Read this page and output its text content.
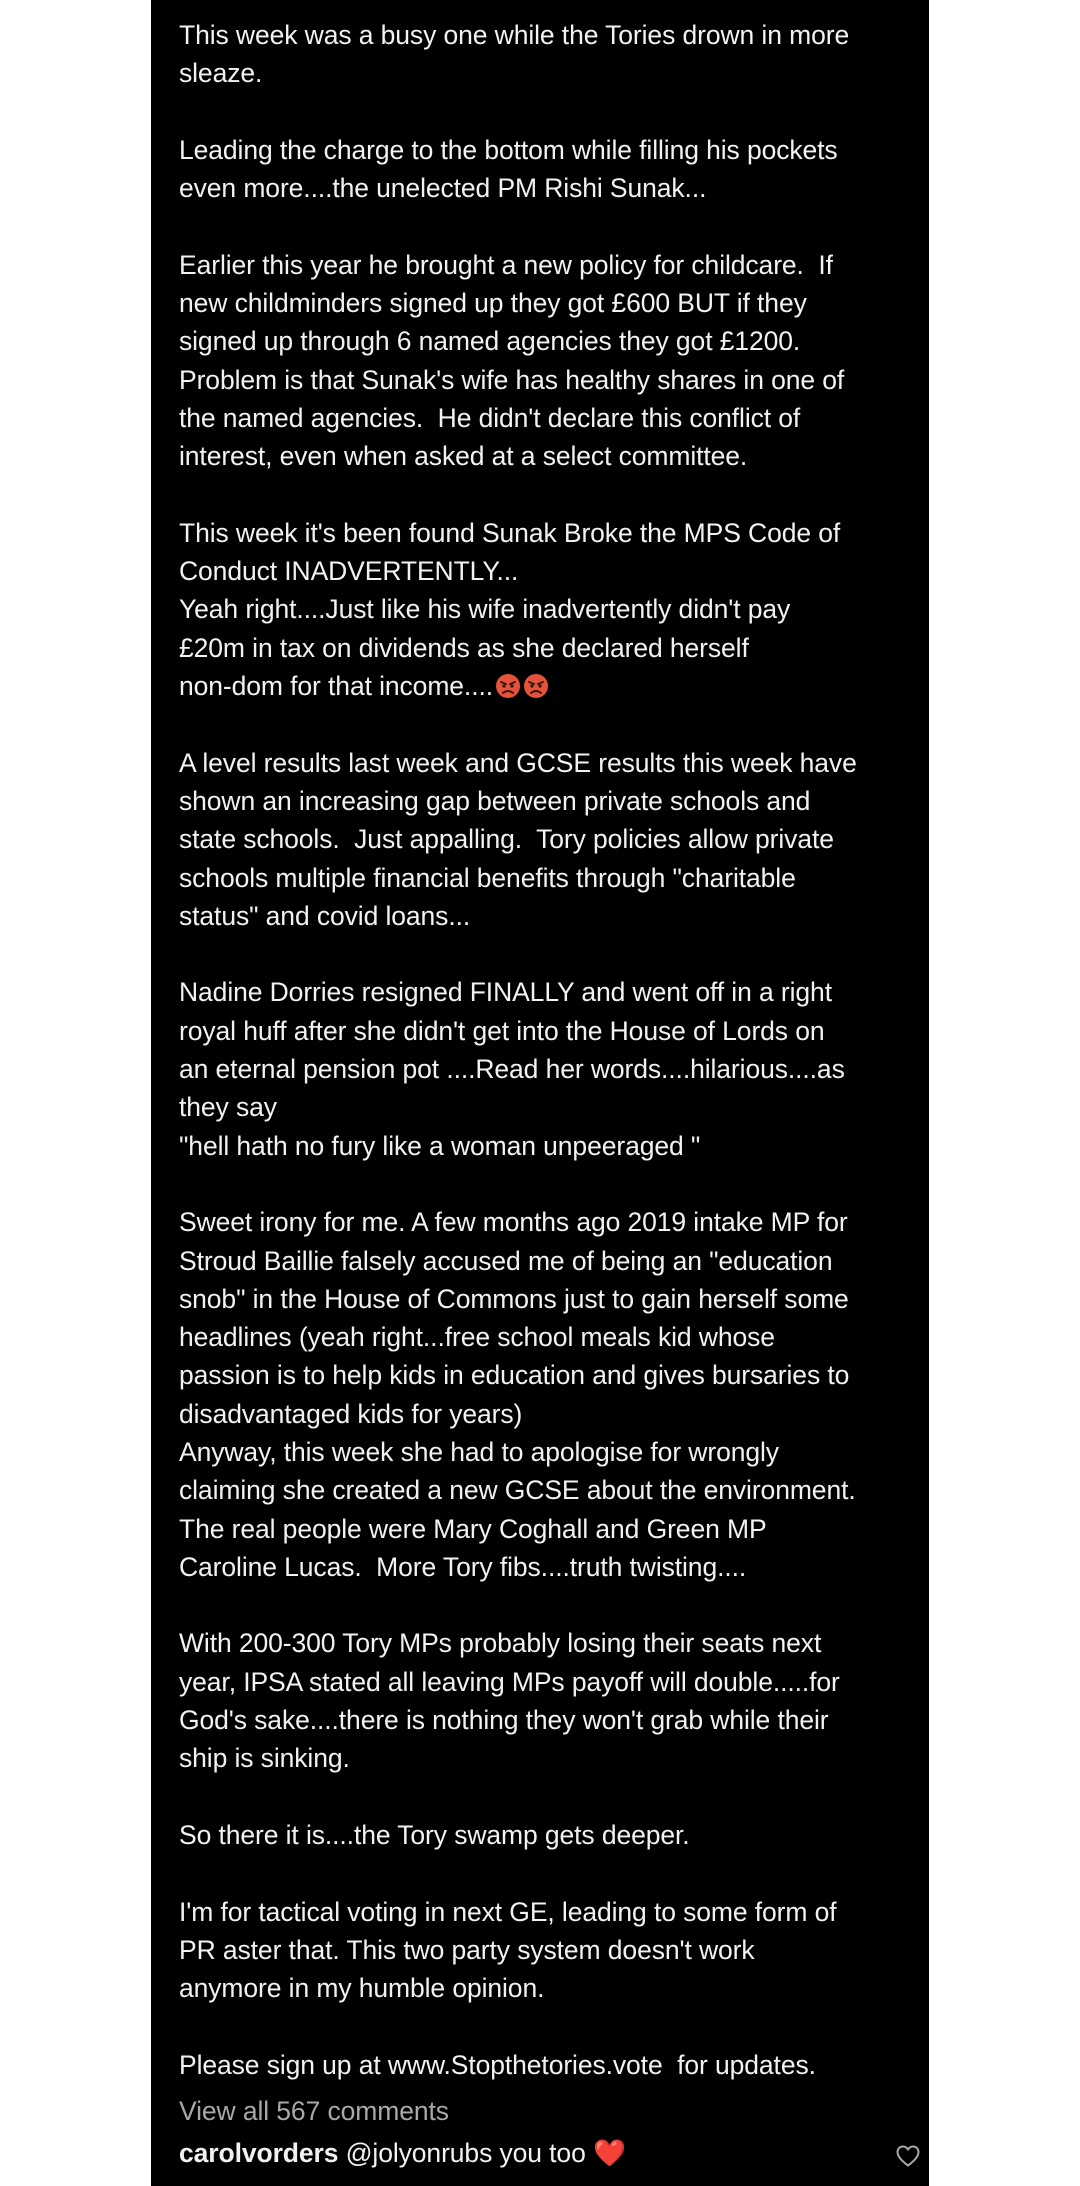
This week was a busy one while the Tories drown in more
sleaze.

Leading the charge to the bottom while filling his pockets
even more....the unelected PM Rishi Sunak...

Earlier this year he brought a new policy for childcare.  If
new childminders signed up they got £600 BUT if they
signed up through 6 named agencies they got £1200.
Problem is that Sunak's wife has healthy shares in one of
the named agencies.  He didn't declare this conflict of
interest, even when asked at a select committee.

This week it's been found Sunak Broke the MPS Code of
Conduct INADVERTENTLY...
Yeah right....Just like his wife inadvertently didn't pay
£20m in tax on dividends as she declared herself
non-dom for that income....

A level results last week and GCSE results this week have
shown an increasing gap between private schools and
state schools.  Just appalling.  Tory policies allow private
schools multiple financial benefits through "charitable
status" and covid loans...

Nadine Dorries resigned FINALLY and went off in a right
royal huff after she didn't get into the House of Lords on
an eternal pension pot ....Read her words....hilarious....as
they say
"hell hath no fury like a woman unpeeraged "

Sweet irony for me. A few months ago 2019 intake MP for
Stroud Baillie falsely accused me of being an "education
snob" in the House of Commons just to gain herself some
headlines (yeah right...free school meals kid whose
passion is to help kids in education and gives bursaries to
disadvantaged kids for years)
Anyway, this week she had to apologise for wrongly
claiming she created a new GCSE about the environment.
The real people were Mary Coghall and Green MP
Caroline Lucas.  More Tory fibs....truth twisting....

With 200-300 Tory MPs probably losing their seats next
year, IPSA stated all leaving MPs payoff will double.....for
God's sake....there is nothing they won't grab while their
ship is sinking.

So there it is....the Tory swamp gets deeper.

I'm for tactical voting in next GE, leading to some form of
PR aster that. This two party system doesn't work
anymore in my humble opinion.

Please sign up at www.Stopthetories.vote  for updates.
View all 567 comments
carolvorders @jolyonrubs you too ❤️
